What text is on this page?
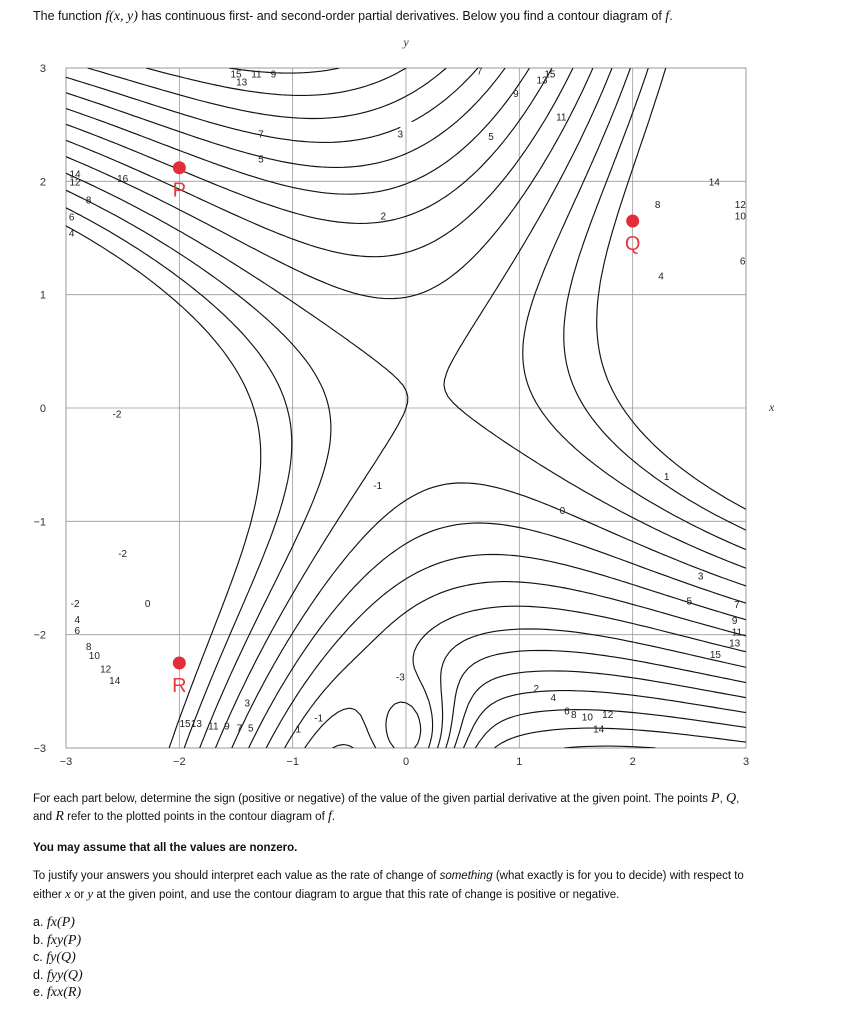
The function f(x, y) has continuous first- and second-order partial derivatives. Below you find a contour diagram of f.
15
13
11 9
7
5
3
2
16
14
12
8
6
4
7
13
15
9
11
5
14
12
10
8
4
6
-2
-1
0
1
-2
-2	0
4
6
8
10
12
14
3
15 13 11 9 7 5	1
-1
-3
2
4
6 8 10 12
14
3
5	7
9
11
13
15
−3	−2	−1	0	1	2	3
3
2
1
0
−1
−2
−3
y
x
P
Q
R
For each part below, determine the sign (positive or negative) of the value of the given partial derivative at the given point. The points P, Q,
and R refer to the plotted points in the contour diagram of f.
You may assume that all the values are nonzero.
To justify your answers you should interpret each value as the rate of change of something (what exactly is for you to decide) with respect to
either x or y at the given point, and use the contour diagram to argue that this rate of change is positive or negative.
a. fx(P)
b. fxy(P)
c. fy(Q)
d. fyy(Q)
e. fxx(R)
